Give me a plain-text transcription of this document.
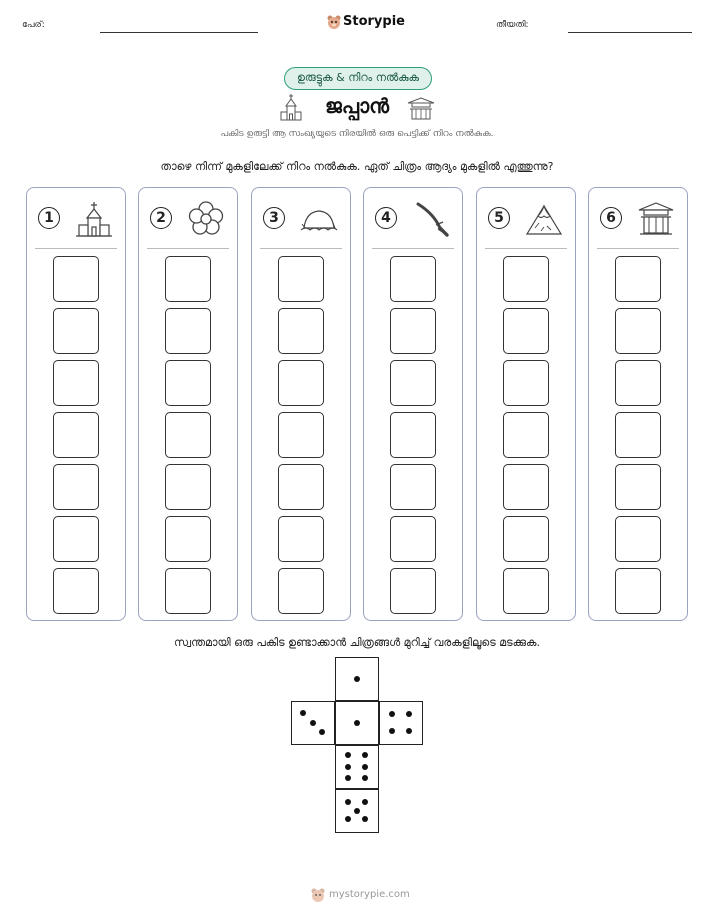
പേര്:	Storypie	തീയതി:
ഉരുട്ടുക & നിറം നൽകുക
ജപ്പാൻ
പകിട ഉരുട്ടി ആ സംഖ്യയുടെ നിരയിൽ ഒരു പെട്ടിക്ക് നിറം നൽകുക.
താഴെ നിന്ന് മുകളിലേക്ക് നിറം നൽകുക. ഏത് ചിത്രം ആദ്യം മുകളിൽ എത്തുന്നു?
1	2	3	4	5	6
സ്വന്തമായി ഒരു പകിട ഉണ്ടാക്കാൻ ചിത്രങ്ങൾ മുറിച്ച് വരകളിലൂടെ മടക്കുക.
mystorypie.com
